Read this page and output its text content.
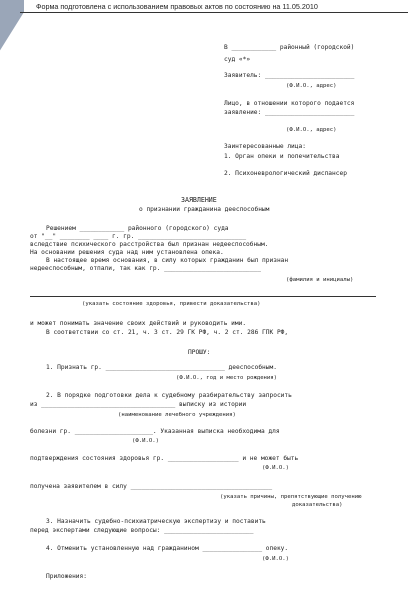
Форма подготовлена с использованием правовых актов по состоянию на 11.05.2010
В ____________ районный (городской)
суд «*»
Заявитель: ________________________
(Ф.И.О., адрес)
Лицо, в отношении которого подается
заявление: ________________________
(Ф.И.О., адрес)
Заинтересованные лица:
1. Орган опеки и попечительства
2. Психоневрологический диспансер
ЗАЯВЛЕНИЕ
о признании гражданина дееспособным
Решением ____________ районного (городского) суда
от "__" ________ ____ г. гр. _____________________________
вследствие психического расстройства был признан недееспособным.
На основании решения суда над ним установлена опека.
В настоящее время основания, в силу которых гражданин был признан
недееспособным, отпали, так как гр. __________________________
(фамилия и инициалы)
(указать состояние здоровья, привести доказательства)
и может понимать значение своих действий и руководить ими.
В соответствии со ст. 21, ч. 3 ст. 29 ГК РФ, ч. 2 ст. 286 ГПК РФ,
ПРОШУ:
1. Признать гр. ________________________________ дееспособным.
(Ф.И.О., год и место рождения)
2. В порядке подготовки дела к судебному разбирательству запросить
из ____________________________________ выписку из истории
(наименование лечебного учреждения)
болезни гр. _____________________. Указанная выписка необходима для
(Ф.И.О.)
подтверждения состояния здоровья гр. ___________________ и не может быть
(Ф.И.О.)
получена заявителем в силу ______________________________________
(указать причины, препятствующие получению
доказательства)
3. Назначить судебно-психиатрическую экспертизу и поставить
перед экспертами следующие вопросы: ________________________
4. Отменить установленную над гражданином ________________ опеку.
(Ф.И.О.)
Приложения:
